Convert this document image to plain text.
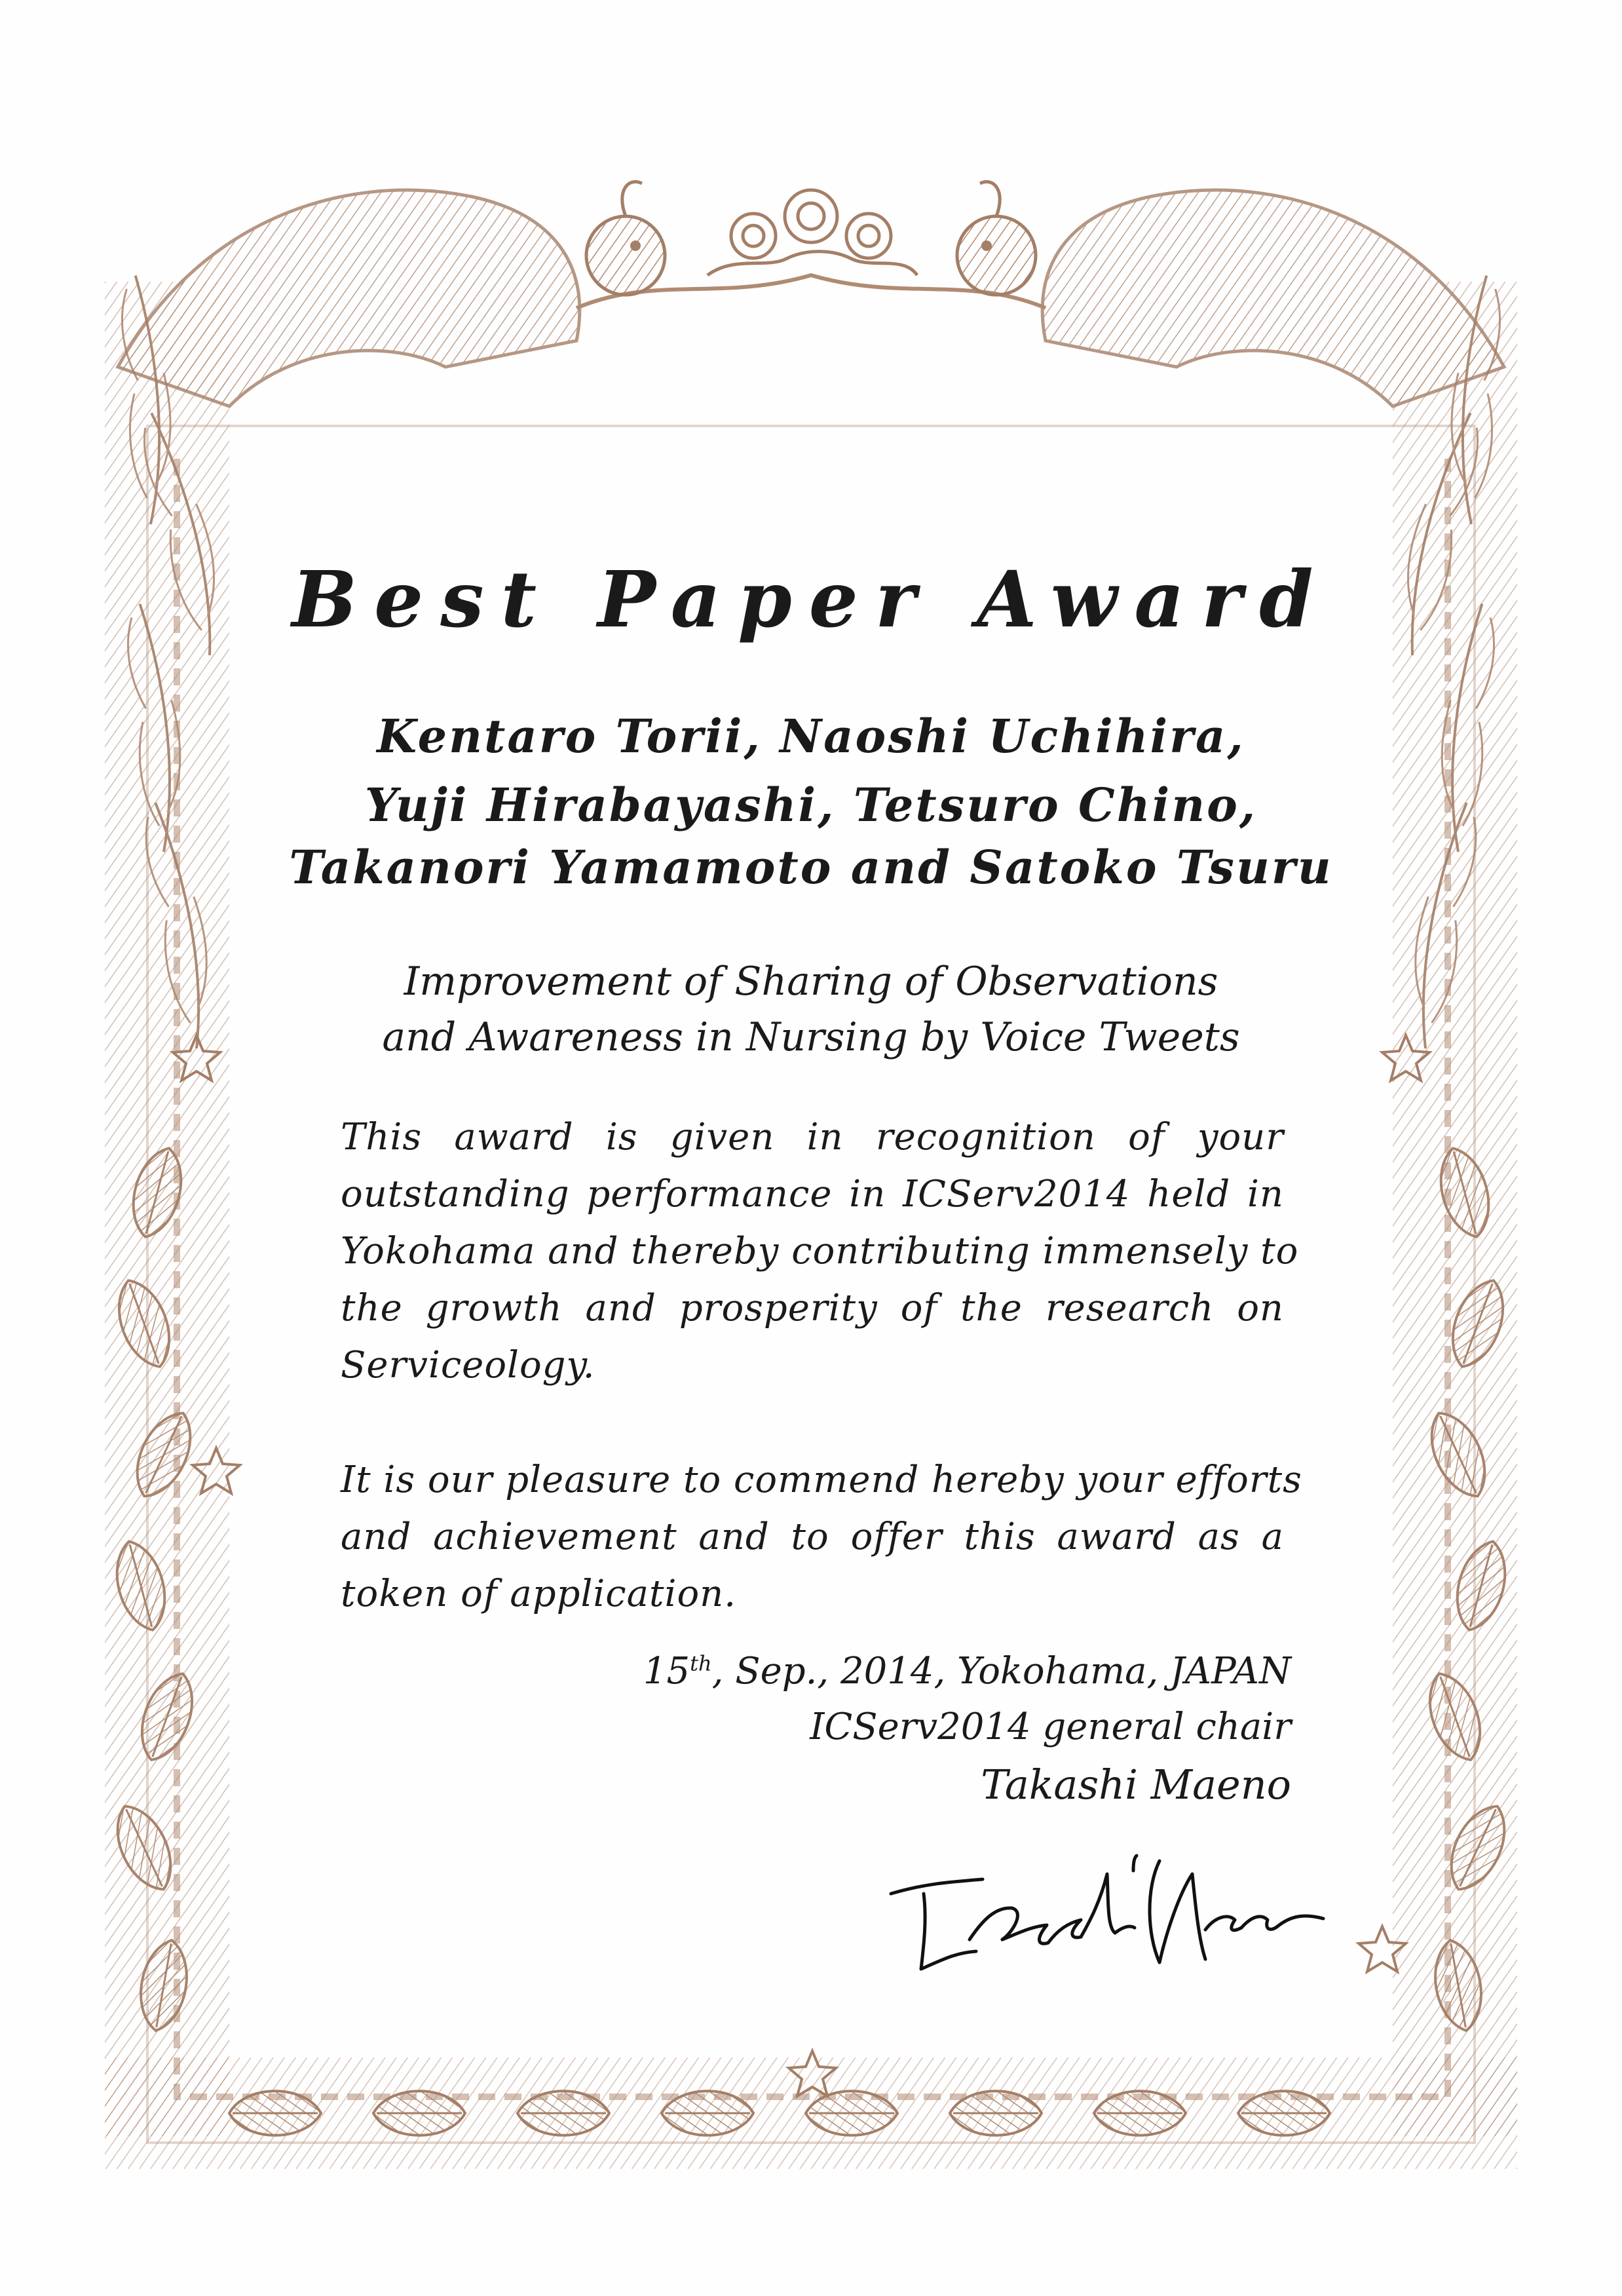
Best Paper Award
Kentaro Torii, Naoshi Uchihira,
Yuji Hirabayashi, Tetsuro Chino,
Takanori Yamamoto and Satoko Tsuru
Improvement of Sharing of Observations
and Awareness in Nursing by Voice Tweets
This award is given in recognition of your
outstanding performance in ICServ2014 held in
Yokohama and thereby contributing immensely to
the growth and prosperity of the research on
Serviceology.
It is our pleasure to commend hereby your efforts
and achievement and to offer this award as a
token of application.
15th, Sep., 2014, Yokohama, JAPAN
ICServ2014 general chair
Takashi Maeno
